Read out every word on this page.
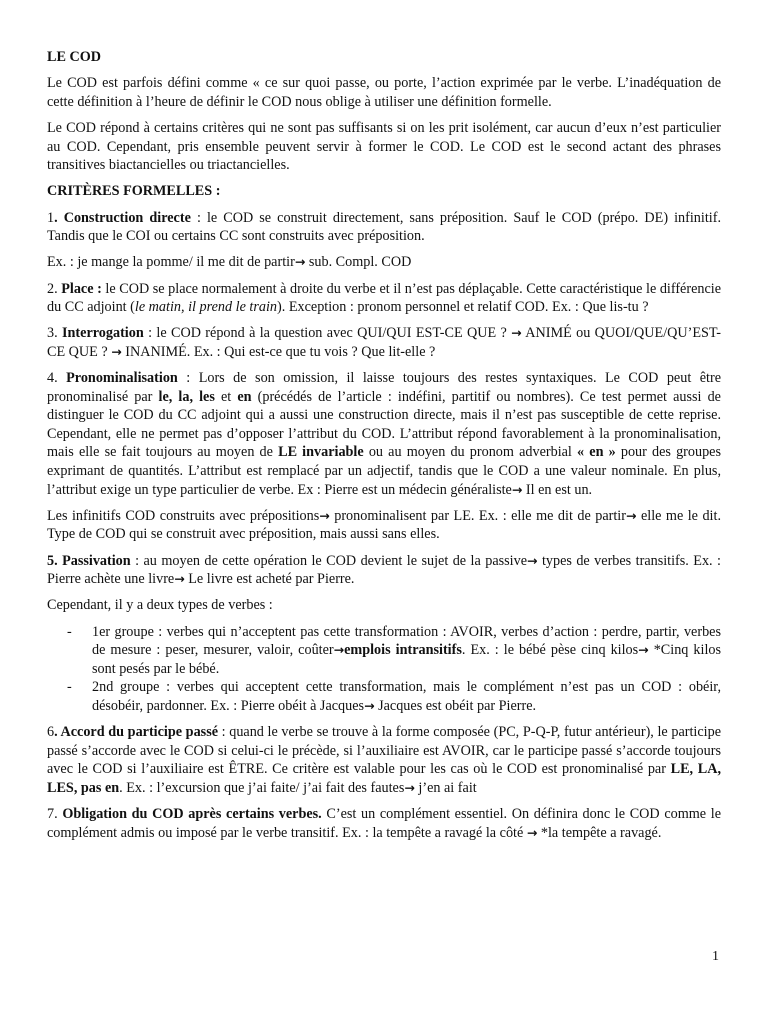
LE COD

Le COD est parfois défini comme « ce sur quoi passe, ou porte, l’action exprimée par le verbe. L’inadéquation de cette définition à l’heure de définir le COD nous oblige à utiliser une définition formelle.

Le COD répond à certains critères qui ne sont pas suffisants si on les prit isolément, car aucun d’eux n’est particulier au COD. Cependant, pris ensemble peuvent servir à former le COD. Le COD est le second actant des phrases transitives biactancielles ou triactancielles.

CRITÈRES FORMELLES :

1. Construction directe : le COD se construit directement, sans préposition. Sauf le COD (prépo. DE) infinitif. Tandis que le COI ou certains CC sont construits avec préposition.

Ex. : je mange la pomme/ il me dit de partir→ sub. Compl. COD

2. Place : le COD se place normalement à droite du verbe et il n’est pas déplaçable. Cette caractéristique le différencie du CC adjoint (le matin, il prend le train). Exception : pronom personnel et relatif COD. Ex. : Que lis-tu ?

3. Interrogation : le COD répond à la question avec QUI/QUI EST-CE QUE ? → ANIMÉ ou QUOI/QUE/QU’EST-CE QUE ? → INANIMÉ. Ex. : Qui est-ce que tu vois ? Que lit-elle ?

4. Pronominalisation : Lors de son omission, il laisse toujours des restes syntaxiques. Le COD peut être pronominalisé par le, la, les et en (précédés de l’article : indéfini, partitif ou nombres). Ce test permet aussi de distinguer le COD du CC adjoint qui a aussi une construction directe, mais il n’est pas susceptible de cette reprise. Cependant, elle ne permet pas d’opposer l’attribut du COD. L’attribut répond favorablement à la pronominalisation, mais elle se fait toujours au moyen de LE invariable ou au moyen du pronom adverbial « en » pour des groupes exprimant de quantités. L’attribut est remplacé par un adjectif, tandis que le COD a une valeur nominale. En plus, l’attribut exige un type particulier de verbe. Ex : Pierre est un médecin généraliste→ Il en est un.

Les infinitifs COD construits avec prépositions→ pronominalisent par LE. Ex. : elle me dit de partir→ elle me le dit. Type de COD qui se construit avec préposition, mais aussi sans elles.

5. Passivation : au moyen de cette opération le COD devient le sujet de la passive→ types de verbes transitifs. Ex. : Pierre achète une livre→ Le livre est acheté par Pierre.

Cependant, il y a deux types de verbes :

- 1er groupe : verbes qui n’acceptent pas cette transformation : AVOIR, verbes d’action : perdre, partir, verbes de mesure : peser, mesurer, valoir, coûter→emplois intransitifs. Ex. : le bébé pèse cinq kilos→ *Cinq kilos sont pesés par le bébé.
- 2nd groupe : verbes qui acceptent cette transformation, mais le complément n’est pas un COD : obéir, désobéir, pardonner. Ex. : Pierre obéit à Jacques→ Jacques est obéit par Pierre.

6. Accord du participe passé : quand le verbe se trouve à la forme composée (PC, P-Q-P, futur antérieur), le participe passé s’accorde avec le COD si celui-ci le précède, si l’auxiliaire est AVOIR, car le participe passé s’accorde toujours avec le COD si l’auxiliaire est ÊTRE. Ce critère est valable pour les cas où le COD est pronominalisé par LE, LA, LES, pas en. Ex. : l’excursion que j’ai faite/ j’ai fait des fautes→ j’en ai fait

7. Obligation du COD après certains verbes. C’est un complément essentiel. On définira donc le COD comme le complément admis ou imposé par le verbe transitif. Ex. : la tempête a ravagé la côté → *la tempête a ravagé.

1
